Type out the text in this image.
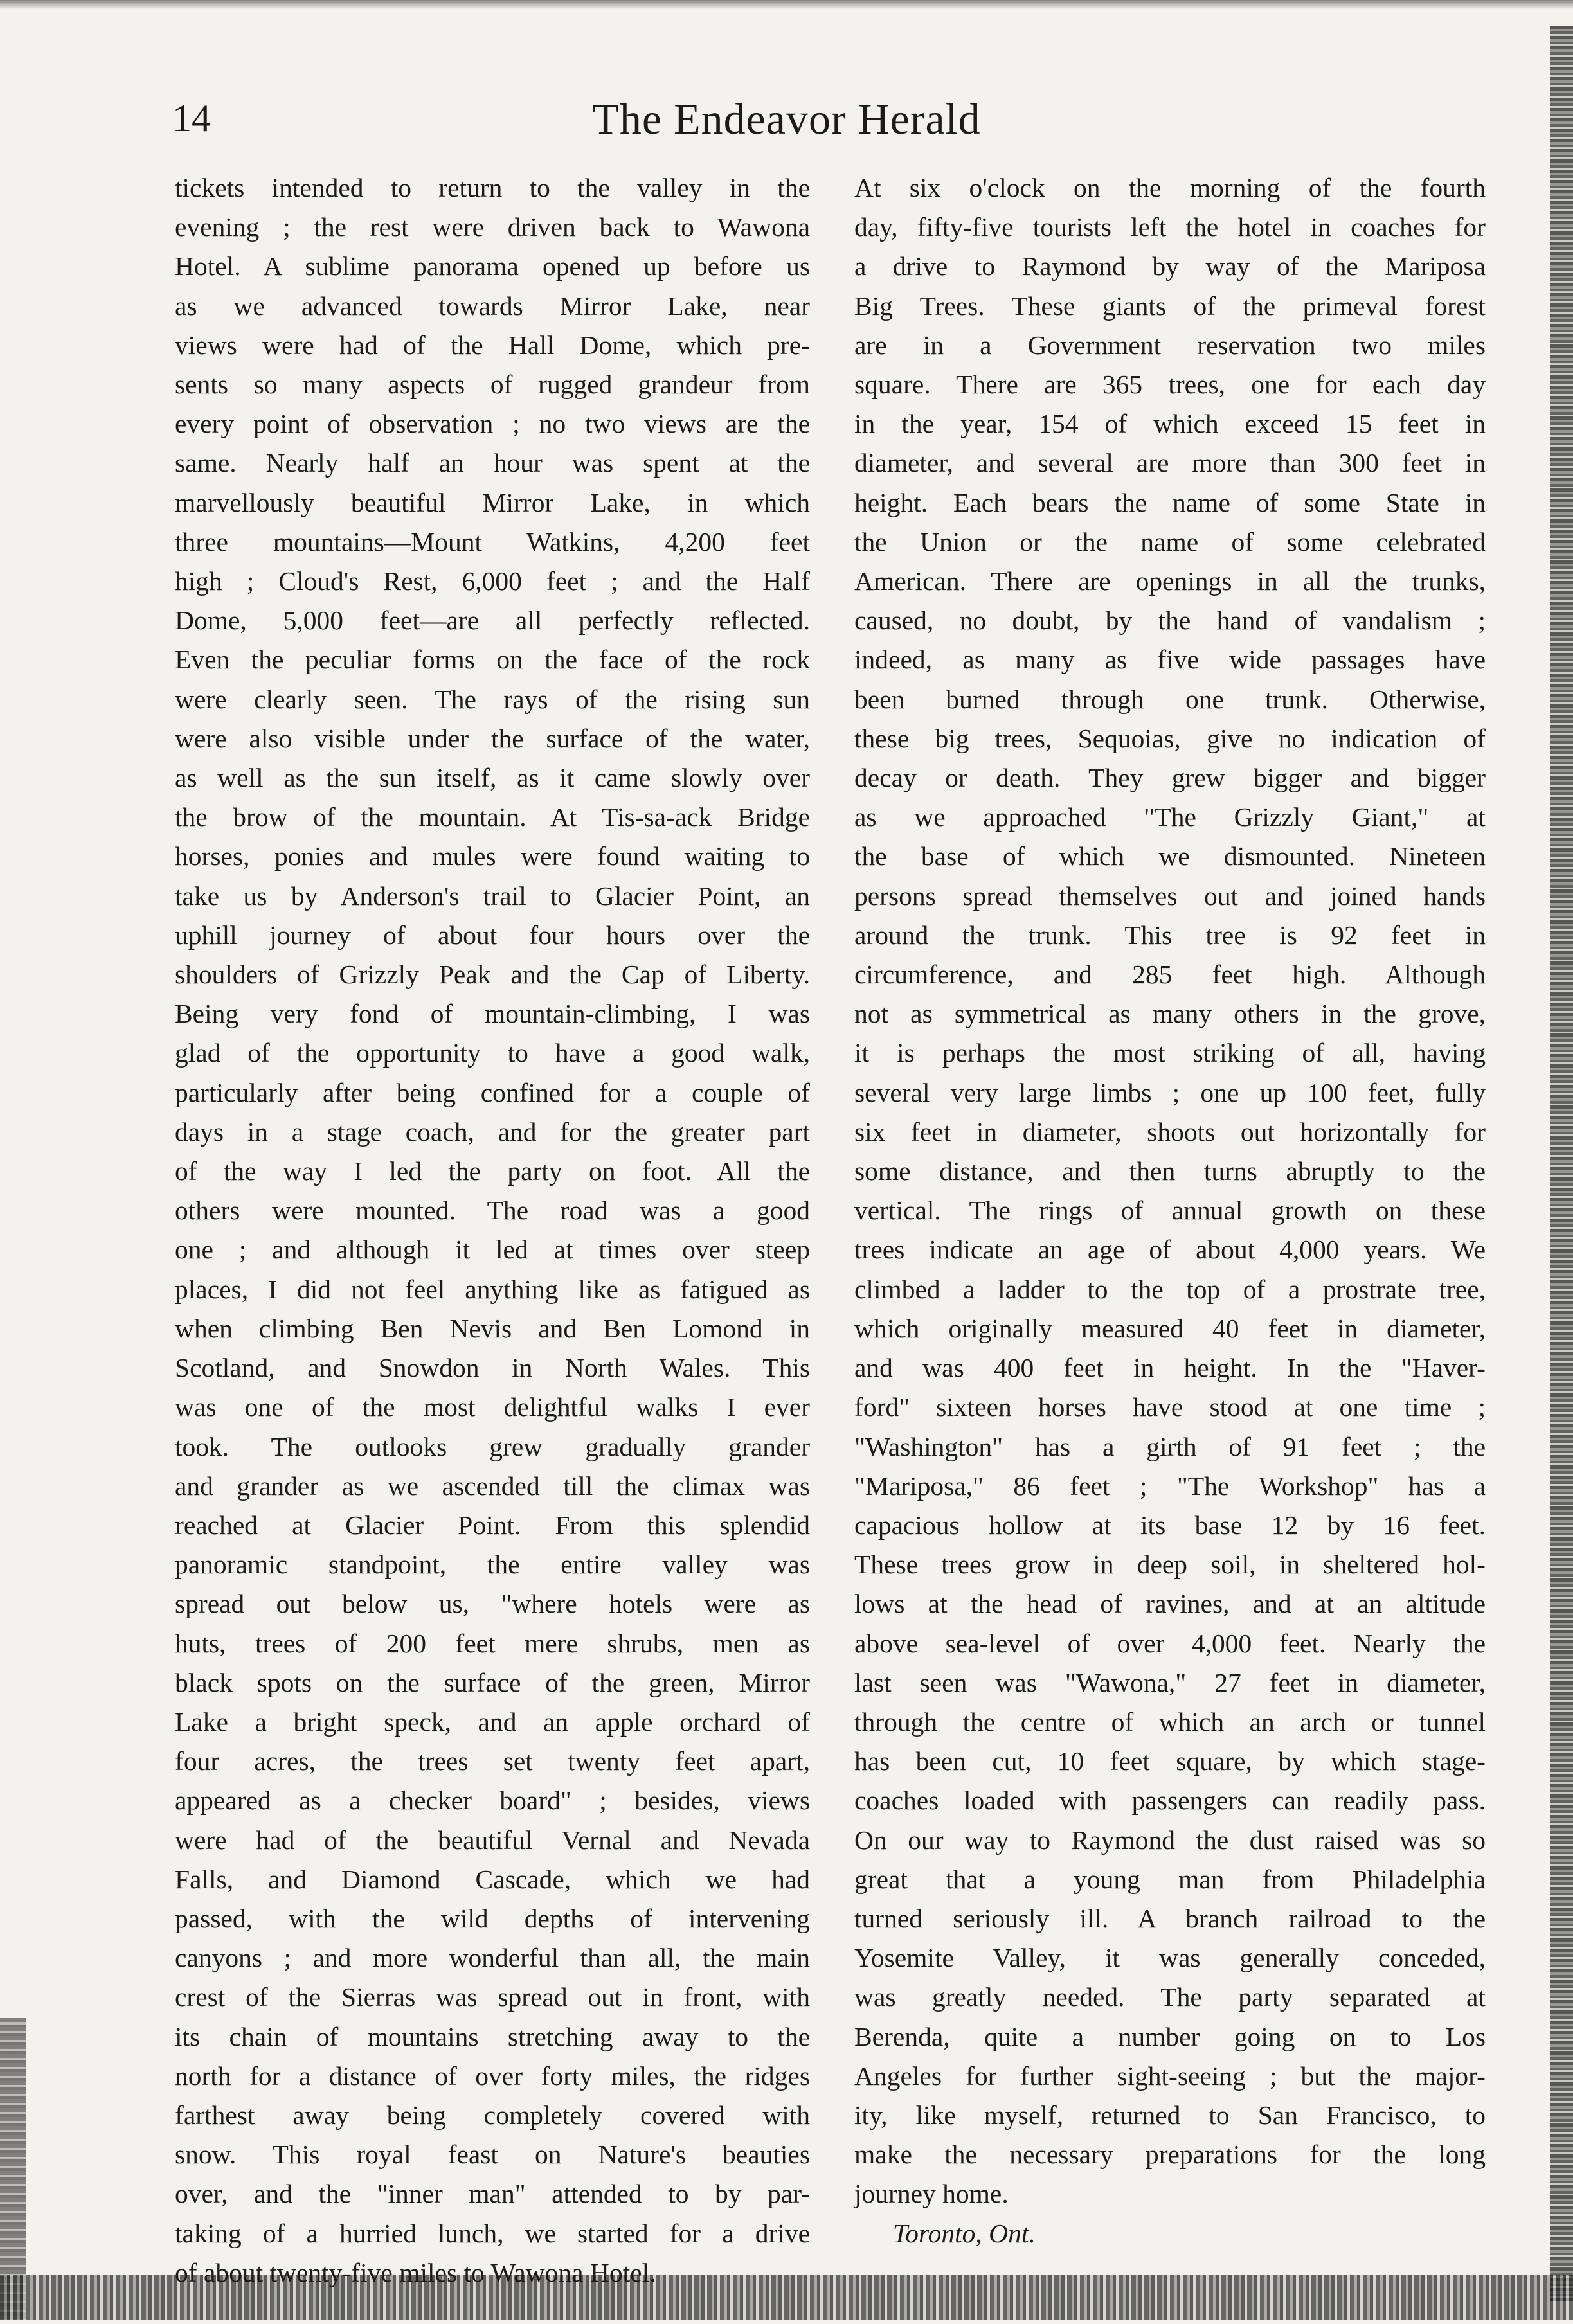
14	The Endeavor Herald
tickets intended to return to the valley in the
evening ; the rest were driven back to Wawona
Hotel. A sublime panorama opened up before us
as we advanced towards Mirror Lake, near
views were had of the Hall Dome, which pre-
sents so many aspects of rugged grandeur from
every point of observation ; no two views are the
same. Nearly half an hour was spent at the
marvellously beautiful Mirror Lake, in which
three mountains—Mount Watkins, 4,200 feet
high ; Cloud's Rest, 6,000 feet ; and the Half
Dome, 5,000 feet—are all perfectly reflected.
Even the peculiar forms on the face of the rock
were clearly seen. The rays of the rising sun
were also visible under the surface of the water,
as well as the sun itself, as it came slowly over
the brow of the mountain. At Tis-sa-ack Bridge
horses, ponies and mules were found waiting to
take us by Anderson's trail to Glacier Point, an
uphill journey of about four hours over the
shoulders of Grizzly Peak and the Cap of Liberty.
Being very fond of mountain-climbing, I was
glad of the opportunity to have a good walk,
particularly after being confined for a couple of
days in a stage coach, and for the greater part
of the way I led the party on foot. All the
others were mounted. The road was a good
one ; and although it led at times over steep
places, I did not feel anything like as fatigued as
when climbing Ben Nevis and Ben Lomond in
Scotland, and Snowdon in North Wales. This
was one of the most delightful walks I ever
took. The outlooks grew gradually grander
and grander as we ascended till the climax was
reached at Glacier Point. From this splendid
panoramic standpoint, the entire valley was
spread out below us, "where hotels were as
huts, trees of 200 feet mere shrubs, men as
black spots on the surface of the green, Mirror
Lake a bright speck, and an apple orchard of
four acres, the trees set twenty feet apart,
appeared as a checker board" ; besides, views
were had of the beautiful Vernal and Nevada
Falls, and Diamond Cascade, which we had
passed, with the wild depths of intervening
canyons ; and more wonderful than all, the main
crest of the Sierras was spread out in front, with
its chain of mountains stretching away to the
north for a distance of over forty miles, the ridges
farthest away being completely covered with
snow. This royal feast on Nature's beauties
over, and the "inner man" attended to by par-
taking of a hurried lunch, we started for a drive
of about twenty-five miles to Wawona Hotel.
At six o'clock on the morning of the fourth
day, fifty-five tourists left the hotel in coaches for
a drive to Raymond by way of the Mariposa
Big Trees. These giants of the primeval forest
are in a Government reservation two miles
square. There are 365 trees, one for each day
in the year, 154 of which exceed 15 feet in
diameter, and several are more than 300 feet in
height. Each bears the name of some State in
the Union or the name of some celebrated
American. There are openings in all the trunks,
caused, no doubt, by the hand of vandalism ;
indeed, as many as five wide passages have
been burned through one trunk. Otherwise,
these big trees, Sequoias, give no indication of
decay or death. They grew bigger and bigger
as we approached "The Grizzly Giant," at
the base of which we dismounted. Nineteen
persons spread themselves out and joined hands
around the trunk. This tree is 92 feet in
circumference, and 285 feet high. Although
not as symmetrical as many others in the grove,
it is perhaps the most striking of all, having
several very large limbs ; one up 100 feet, fully
six feet in diameter, shoots out horizontally for
some distance, and then turns abruptly to the
vertical. The rings of annual growth on these
trees indicate an age of about 4,000 years. We
climbed a ladder to the top of a prostrate tree,
which originally measured 40 feet in diameter,
and was 400 feet in height. In the "Haver-
ford" sixteen horses have stood at one time ;
"Washington" has a girth of 91 feet ; the
"Mariposa," 86 feet ; "The Workshop" has a
capacious hollow at its base 12 by 16 feet.
These trees grow in deep soil, in sheltered hol-
lows at the head of ravines, and at an altitude
above sea-level of over 4,000 feet. Nearly the
last seen was "Wawona," 27 feet in diameter,
through the centre of which an arch or tunnel
has been cut, 10 feet square, by which stage-
coaches loaded with passengers can readily pass.
On our way to Raymond the dust raised was so
great that a young man from Philadelphia
turned seriously ill. A branch railroad to the
Yosemite Valley, it was generally conceded,
was greatly needed. The party separated at
Berenda, quite a number going on to Los
Angeles for further sight-seeing ; but the major-
ity, like myself, returned to San Francisco, to
make the necessary preparations for the long
journey home.
Toronto, Ont.
